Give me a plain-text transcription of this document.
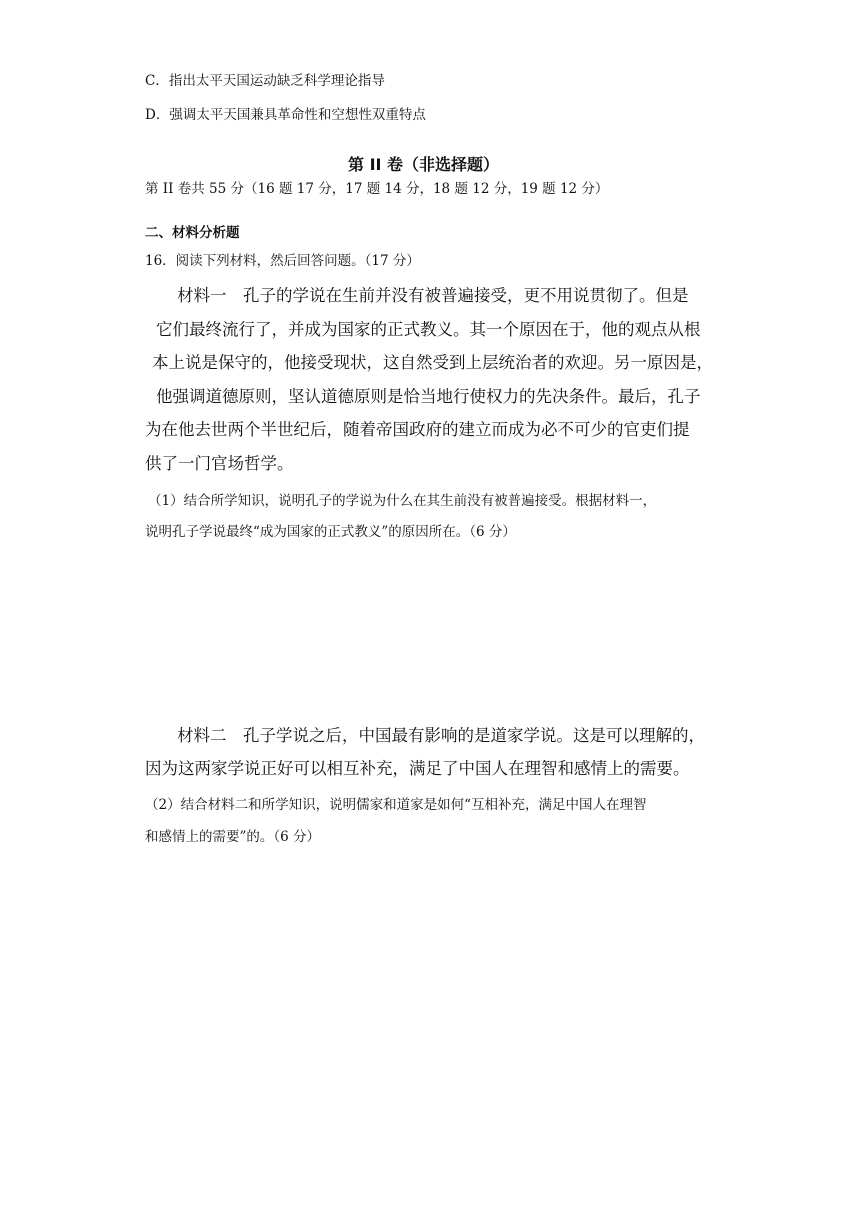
C．指出太平天国运动缺乏科学理论指导
D．强调太平天国兼具革命性和空想性双重特点
第 II 卷（非选择题）
第 II 卷共 55 分（16 题 17 分，17 题 14 分，18 题 12 分，19 题 12 分）
二、材料分析题
16．阅读下列材料，然后回答问题。（17 分）
材料一　孔子的学说在生前并没有被普遍接受，更不用说贯彻了。但是
它们最终流行了，并成为国家的正式教义。其一个原因在于，他的观点从根
本上说是保守的，他接受现状，这自然受到上层统治者的欢迎。另一原因是，
他强调道德原则，坚认道德原则是恰当地行使权力的先决条件。最后，孔子
为在他去世两个半世纪后，随着帝国政府的建立而成为必不可少的官吏们提
供了一门官场哲学。
（1）结合所学知识，说明孔子的学说为什么在其生前没有被普遍接受。根据材料一，
说明孔子学说最终“成为国家的正式教义”的原因所在。（6 分）
材料二　孔子学说之后，中国最有影响的是道家学说。这是可以理解的，
因为这两家学说正好可以相互补充，满足了中国人在理智和感情上的需要。
（2）结合材料二和所学知识，说明儒家和道家是如何“互相补充，满足中国人在理智
和感情上的需要”的。（6 分）
